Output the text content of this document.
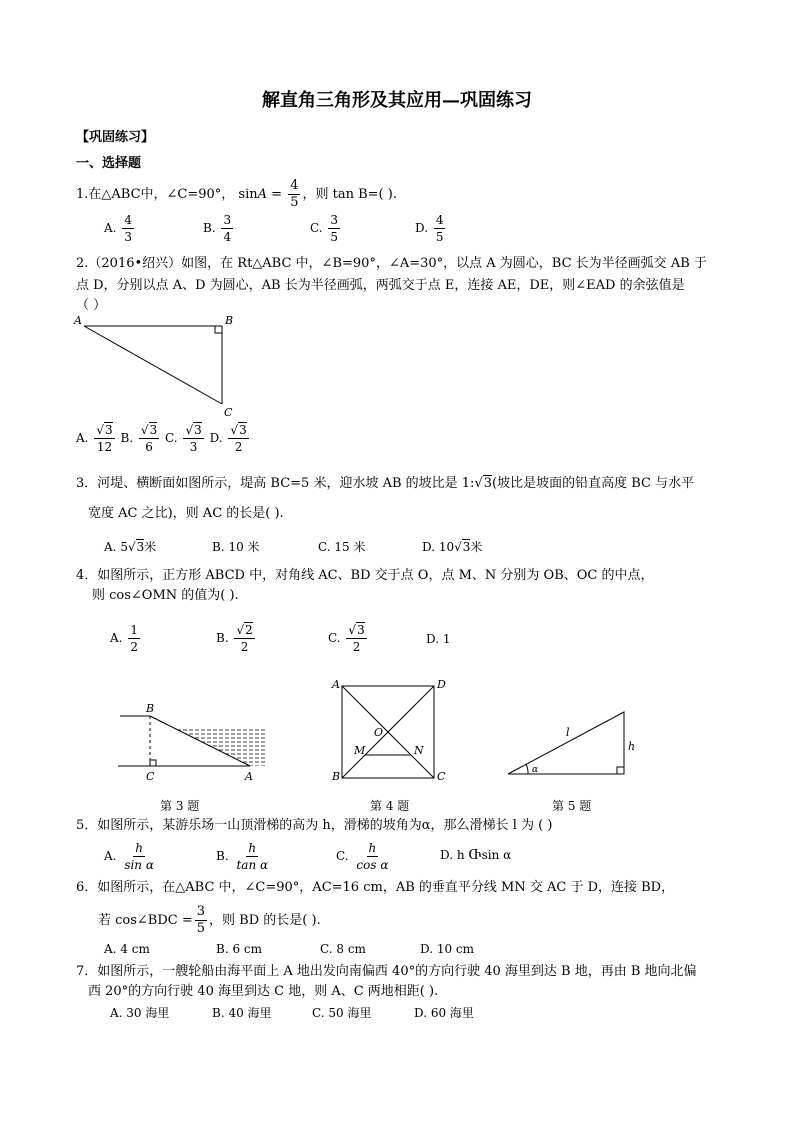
解直角三角形及其应用—巩固练习
【巩固练习】
一、选择题
1.在△ABC中，∠C=90°， $\sin A = \frac{4}{5}$ ，则 tan B=( ).
A. $\frac{4}{3}$	B. $\frac{3}{4}$	C. $\frac{3}{5}$	D. $\frac{4}{5}$
2.（2016•绍兴）如图，在 Rt△ABC 中，∠B=90°，∠A=30°，以点 A 为圆心，BC 长为半径画弧交 AB 于
点 D，分别以点 A、D 为圆心，AB 长为半径画弧，两弧交于点 E，连接 AE，DE，则∠EAD 的余弦值是
（ ）
A	B
C
A. $\frac{√3}{12} B$. $\frac{√3}{6} C$. $\frac{√3}{3} D$. $\frac{√3}{2}$
3．河堤、横断面如图所示，堤高 BC=5 米，迎水坡 AB 的坡比是 1:√3(坡比是坡面的铅直高度 BC 与水平
宽度 AC 之比)，则 AC 的长是( ).
A. 5√3米	B. 10 米	C. 15 米	D. 10√3米
4．如图所示，正方形 ABCD 中，对角线 AC、BD 交于点 O，点 M、N 分别为 OB、OC 的中点，
则 cos∠OMN 的值为( ).
A. $\frac{1}{2}$	B. $\frac{√2}{2}$	C. $\frac{√3}{2}$	D. 1
B
C	A
第 3 题
A	D
O
M	N
B	C
第 4 题
l
h
α
第 5 题
5．如图所示，某游乐场一山顶滑梯的高为 h，滑梯的坡角为α，那么滑梯长 l 为 ( )
A. $\frac{h}{\text{sin α}}$	B. $\frac{h}{\text{tan α}}$	C. $\frac{h}{\text{cos α}}$	D. h Ⴇsin α
6．如图所示，在△ABC 中，∠C=90°，AC=16 cm，AB 的垂直平分线 MN 交 AC 于 D，连接 BD，
若 cos∠BDC = $\frac{3}{5}$ ，则 BD 的长是( ).
A. 4 cm	B. 6 cm	C. 8 cm	D. 10 cm
7．如图所示，一艘轮船由海平面上 A 地出发向南偏西 40°的方向行驶 40 海里到达 B 地，再由 B 地向北偏
西 20°的方向行驶 40 海里到达 C 地，则 A、C 两地相距( ).
A. 30 海里	B. 40 海里	C. 50 海里	D. 60 海里
